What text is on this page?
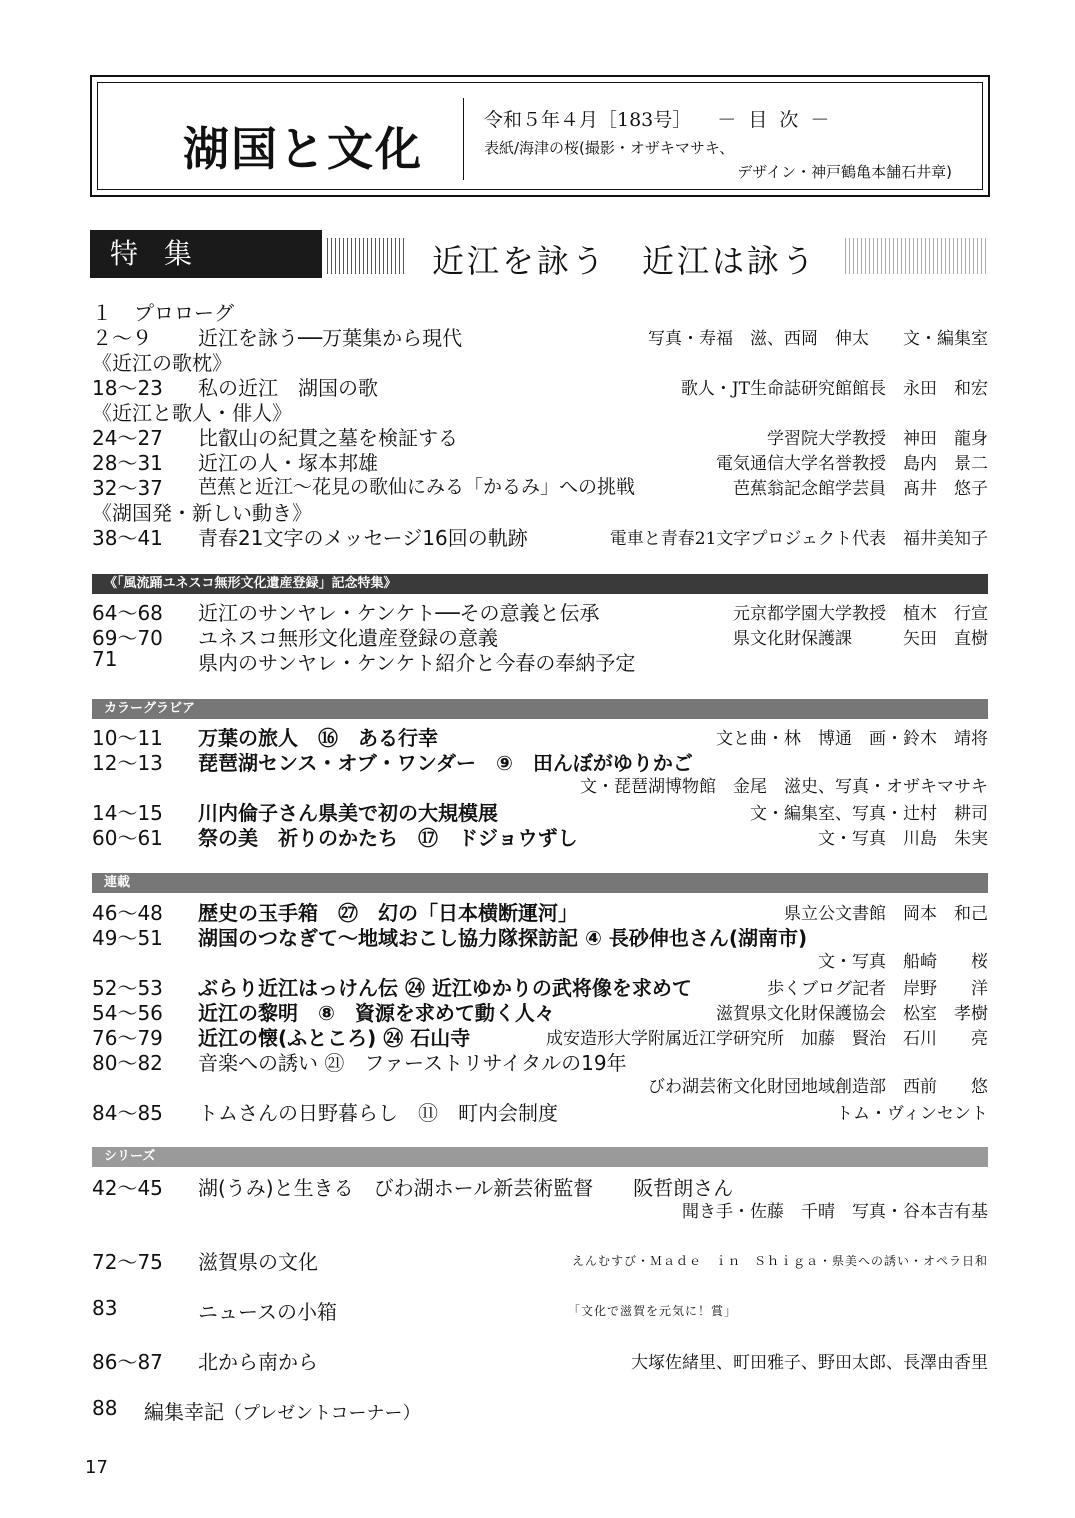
湖国と文化
令和５年４月［183号］ － 目 次 －
表紙/海津の桜(撮影・オザキマサキ、
デザイン・神戸鶴亀本舗石井章)
特集	近江を詠う　近江は詠う
１ プロローグ
２～９ 近江を詠う──万葉集から現代	写真・寿福　滋、西岡　伸太　　文・編集室
《近江の歌枕》
18～23 私の近江　湖国の歌	歌人・JT生命誌研究館館長　永田　和宏
《近江と歌人・俳人》
24～27 比叡山の紀貫之墓を検証する	学習院大学教授　神田　龍身
28～31 近江の人・塚本邦雄	電気通信大学名誉教授　島内　景二
32～37 芭蕉と近江～花見の歌仙にみる「かるみ」への挑戦	芭蕉翁記念館学芸員　髙井　悠子
《湖国発・新しい動き》
38～41 青春21文字のメッセージ16回の軌跡	電車と青春21文字プロジェクト代表　福井美知子
《「風流踊ユネスコ無形文化遺産登録」記念特集》
64～68 近江のサンヤレ・ケンケト──その意義と伝承	元京都学園大学教授　植木　行宣
69～70 ユネスコ無形文化遺産登録の意義	県文化財保護課　　　矢田　直樹
71	県内のサンヤレ・ケンケト紹介と今春の奉納予定
カラーグラビア
10～11 万葉の旅人　⑯　ある行幸	文と曲・林　博通　画・鈴木　靖将
12～13 琵琶湖センス・オブ・ワンダー　⑨　田んぼがゆりかご
文・琵琶湖博物館　金尾　滋史、写真・オザキマサキ
14～15 川内倫子さん県美で初の大規模展	文・編集室、写真・辻村　耕司
60～61 祭の美　祈りのかたち　⑰　ドジョウずし	文・写真　川島　朱実
連載
46～48 歴史の玉手箱　㉗　幻の「日本横断運河」	県立公文書館　岡本　和己
49～51 湖国のつなぎて～地域おこし協力隊探訪記 ④ 長砂伸也さん(湖南市)
文・写真　船崎　　桜
52～53 ぶらり近江はっけん伝 ㉔ 近江ゆかりの武将像を求めて	歩くブログ記者　岸野　　洋
54～56 近江の黎明　⑧　資源を求めて動く人々	滋賀県文化財保護協会　松室　孝樹
76～79 近江の懐(ふところ) ㉔ 石山寺	成安造形大学附属近江学研究所　加藤　賢治　石川　　亮
80～82 音楽への誘い ㉑　ファーストリサイタルの19年
びわ湖芸術文化財団地域創造部　西前　　悠
84～85 トムさんの日野暮らし　⑪　町内会制度	トム・ヴィンセント
シリーズ
42～45 湖(うみ)と生きる　びわ湖ホール新芸術監督　　阪哲朗さん
聞き手・佐藤　千晴　写真・谷本吉有基
72～75 滋賀県の文化	えんむすび・Ｍａｄｅ　ｉｎ　Ｓｈｉｇａ・県美への誘い・オペラ日和
83	ニュースの小箱	「文化で滋賀を元気に！賞」
86～87 北から南から	大塚佐緒里、町田雅子、野田太郎、長澤由香里
88 編集幸記（プレゼントコーナー）
17
